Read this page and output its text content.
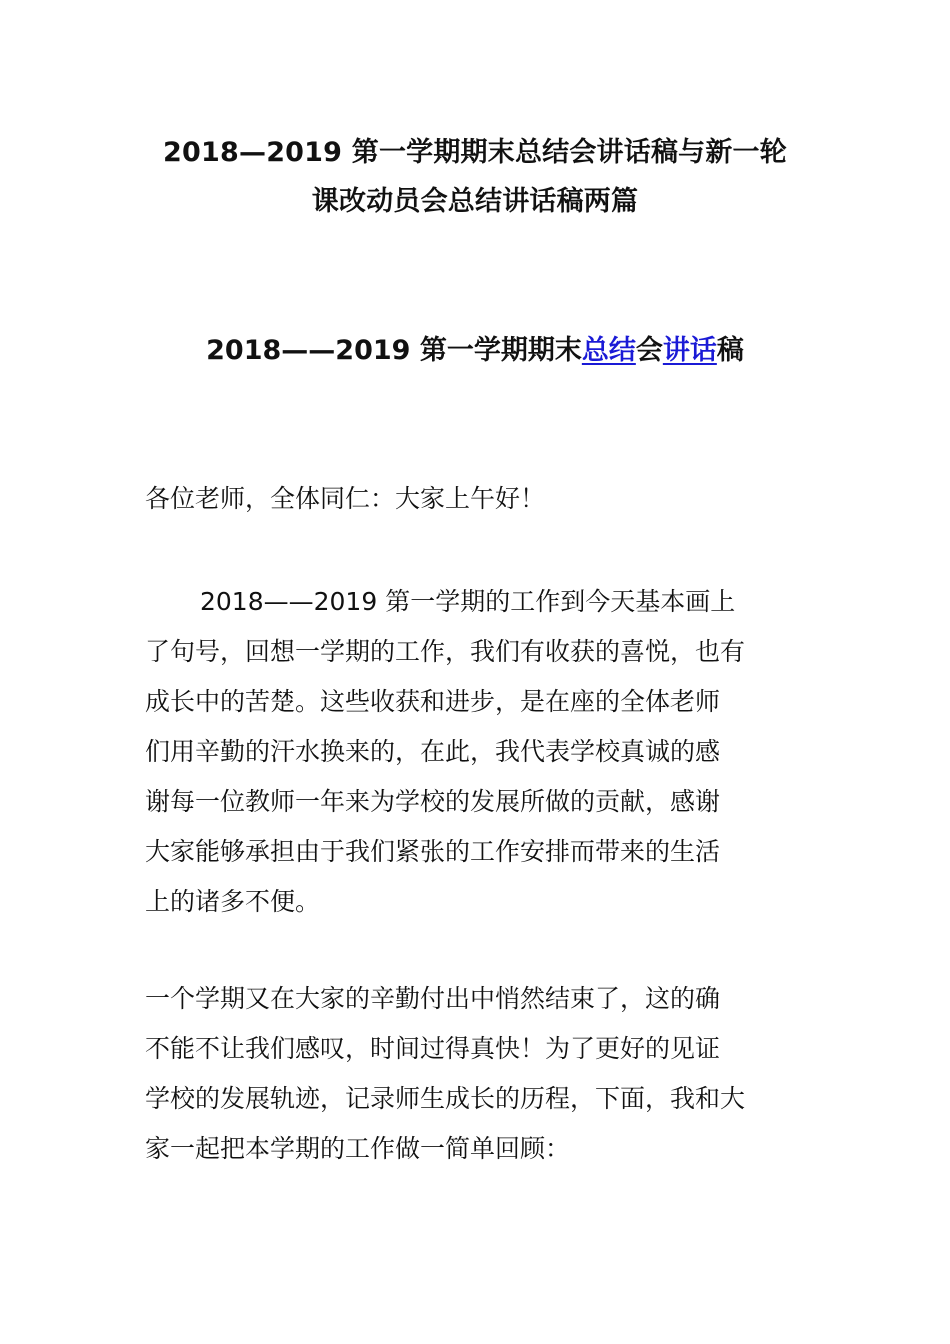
2018—2019 第一学期期末总结会讲话稿与新一轮
课改动员会总结讲话稿两篇
2018——2019 第一学期期末总结会讲话稿
各位老师，全体同仁：大家上午好！
2018——2019 第一学期的工作到今天基本画上
了句号，回想一学期的工作，我们有收获的喜悦，也有
成长中的苦楚。这些收获和进步，是在座的全体老师
们用辛勤的汗水换来的，在此，我代表学校真诚的感
谢每一位教师一年来为学校的发展所做的贡献，感谢
大家能够承担由于我们紧张的工作安排而带来的生活
上的诸多不便。
一个学期又在大家的辛勤付出中悄然结束了，这的确
不能不让我们感叹，时间过得真快！为了更好的见证
学校的发展轨迹，记录师生成长的历程，下面，我和大
家一起把本学期的工作做一简单回顾：
